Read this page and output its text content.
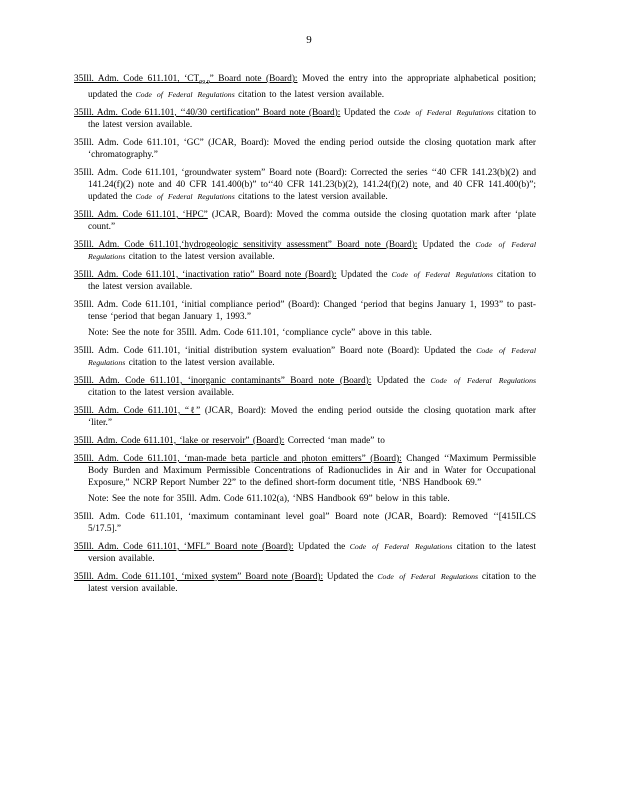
9
35Ill. Adm. Code 611.101, ‘$CT_{99.9}$” Board note (Board): Moved the entry into the appropriate alphabetical position; updated the Code of Federal Regulations citation to the latest version available.
35Ill. Adm. Code 611.101, ‘‘40/30 certification” Board note (Board): Updated the Code of Federal Regulations citation to the latest version available.
35Ill. Adm. Code 611.101, ‘GC” (JCAR, Board): Moved the ending period outside the closing quotation mark after ‘chromatography.”
35Ill. Adm. Code 611.101, ‘groundwater system” Board note (Board): Corrected the series ‘‘40 CFR 141.23(b)(2) and 141.24(f)(2) note and 40 CFR 141.400(b)” to‘‘40 CFR 141.23(b)(2), 141.24(f)(2) note, and 40 CFR 141.400(b)”; updated the Code of Federal Regulations citations to the latest version available.
35Ill. Adm. Code 611.101, ‘HPC” (JCAR, Board): Moved the comma outside the closing quotation mark after ‘plate count.”
35Ill. Adm. Code 611.101,‘hydrogeologic sensitivity assessment” Board note (Board): Updated the Code of Federal Regulations citation to the latest version available.
35Ill. Adm. Code 611.101, ‘inactivation ratio” Board note (Board): Updated the Code of Federal Regulations citation to the latest version available.
35Ill. Adm. Code 611.101, ‘initial compliance period” (Board): Changed ‘period that begins January 1, 1993” to past-tense ‘period that began January 1, 1993.”
Note: See the note for 35Ill. Adm. Code 611.101, ‘compliance cycle” above in this table.
35Ill. Adm. Code 611.101, ‘initial distribution system evaluation” Board note (Board): Updated the Code of Federal Regulations citation to the latest version available.
35Ill. Adm. Code 611.101, ‘inorganic contaminants” Board note (Board): Updated the Code of Federal Regulations citation to the latest version available.
35Ill. Adm. Code 611.101, “ℓ” (JCAR, Board): Moved the ending period outside the closing quotation mark after ‘liter.”
35Ill. Adm. Code 611.101, ‘lake or reservoir” (Board): Corrected ‘man made” to
35Ill. Adm. Code 611.101, ‘man-made beta particle and photon emitters” (Board): Changed ‘‘Maximum Permissible Body Burden and Maximum Permissible Concentrations of Radionuclides in Air and in Water for Occupational Exposure,” NCRP Report Number 22” to the defined short-form document title, ‘NBS Handbook 69.”
Note: See the note for 35Ill. Adm. Code 611.102(a), ‘NBS Handbook 69” below in this table.
35Ill. Adm. Code 611.101, ‘maximum contaminant level goal” Board note (JCAR, Board): Removed ‘‘[415ILCS 5/17.5].”
35Ill. Adm. Code 611.101, ‘MFL” Board note (Board): Updated the Code of Federal Regulations citation to the latest version available.
35Ill. Adm. Code 611.101, ‘mixed system” Board note (Board): Updated the Code of Federal Regulations citation to the latest version available.
